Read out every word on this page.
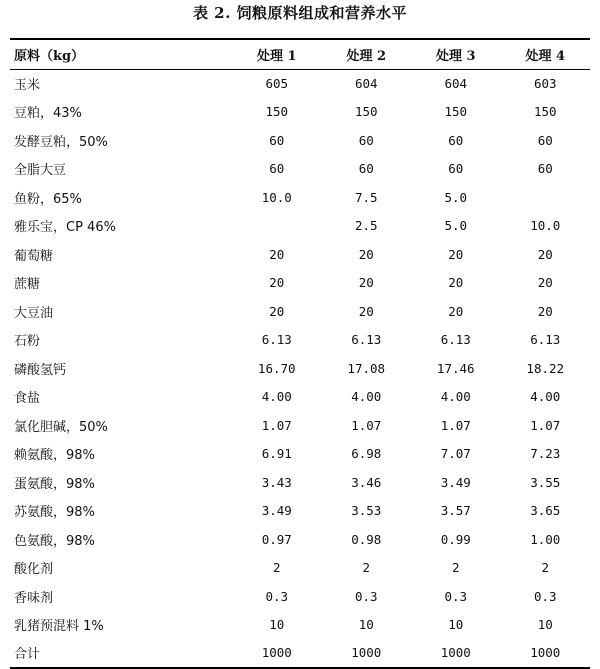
表 2. 饲粮原料组成和营养水平
原料（kg）	处理 1	处理 2	处理 3	处理 4
玉米	605	604	604	603
豆粕，43%	150	150	150	150
发酵豆粕，50%	60	60	60	60
全脂大豆	60	60	60	60
鱼粉，65%	10.0	7.5	5.0	
雅乐宝，CP 46%		2.5	5.0	10.0
葡萄糖	20	20	20	20
蔗糖	20	20	20	20
大豆油	20	20	20	20
石粉	6.13	6.13	6.13	6.13
磷酸氢钙	16.70	17.08	17.46	18.22
食盐	4.00	4.00	4.00	4.00
氯化胆碱，50%	1.07	1.07	1.07	1.07
赖氨酸，98%	6.91	6.98	7.07	7.23
蛋氨酸，98%	3.43	3.46	3.49	3.55
苏氨酸，98%	3.49	3.53	3.57	3.65
色氨酸，98%	0.97	0.98	0.99	1.00
酸化剂	2	2	2	2
香味剂	0.3	0.3	0.3	0.3
乳猪预混料 1%	10	10	10	10
合计	1000	1000	1000	1000
